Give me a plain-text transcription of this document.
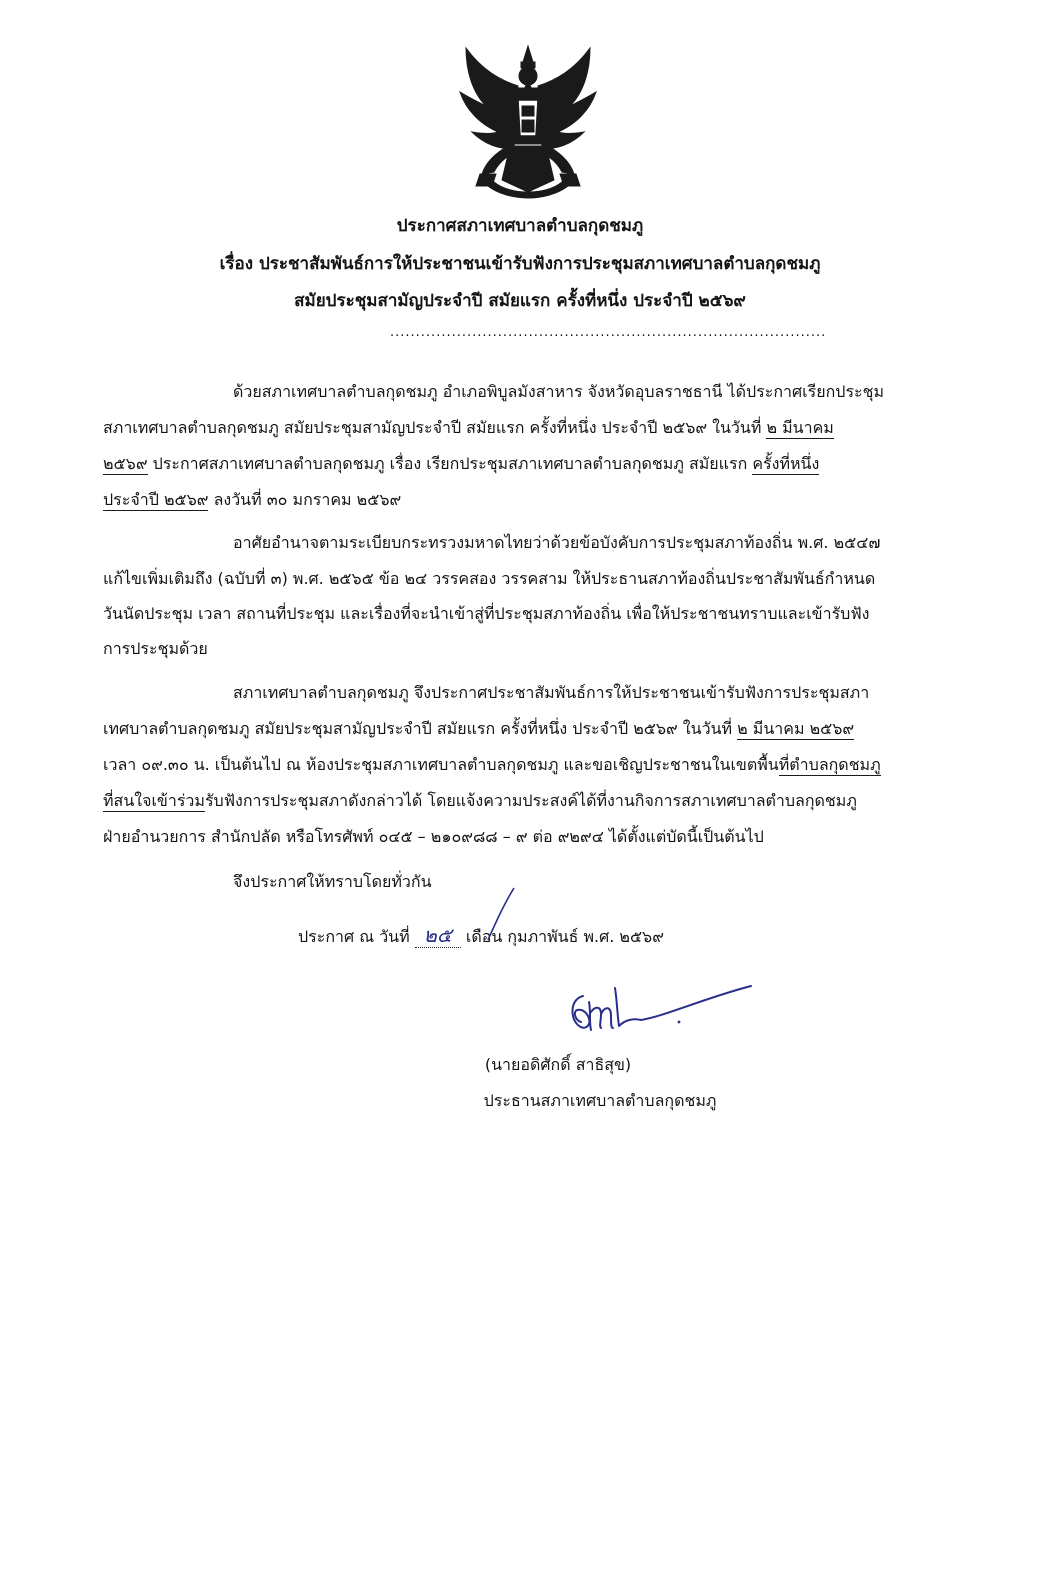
ประกาศสภาเทศบาลตำบลกุดชมภู
เรื่อง ประชาสัมพันธ์การให้ประชาชนเข้ารับฟังการประชุมสภาเทศบาลตำบลกุดชมภู
สมัยประชุมสามัญประจำปี สมัยแรก ครั้งที่หนึ่ง ประจำปี ๒๕๖๙
.....................................................................................
ด้วยสภาเทศบาลตำบลกุดชมภู อำเภอพิบูลมังสาหาร จังหวัดอุบลราชธานี ได้ประกาศเรียกประชุม
สภาเทศบาลตำบลกุดชมภู สมัยประชุมสามัญประจำปี สมัยแรก ครั้งที่หนึ่ง ประจำปี ๒๕๖๙ ในวันที่ ๒ มีนาคม
๒๕๖๙ ประกาศสภาเทศบาลตำบลกุดชมภู เรื่อง เรียกประชุมสภาเทศบาลตำบลกุดชมภู สมัยแรก ครั้งที่หนึ่ง
ประจำปี ๒๕๖๙ ลงวันที่ ๓๐ มกราคม ๒๕๖๙
อาศัยอำนาจตามระเบียบกระทรวงมหาดไทยว่าด้วยข้อบังคับการประชุมสภาท้องถิ่น พ.ศ. ๒๕๔๗
แก้ไขเพิ่มเติมถึง (ฉบับที่ ๓) พ.ศ. ๒๕๖๕ ข้อ ๒๔ วรรคสอง วรรคสาม ให้ประธานสภาท้องถิ่นประชาสัมพันธ์กำหนด
วันนัดประชุม เวลา สถานที่ประชุม และเรื่องที่จะนำเข้าสู่ที่ประชุมสภาท้องถิ่น เพื่อให้ประชาชนทราบและเข้ารับฟัง
การประชุมด้วย
สภาเทศบาลตำบลกุดชมภู จึงประกาศประชาสัมพันธ์การให้ประชาชนเข้ารับฟังการประชุมสภา
เทศบาลตำบลกุดชมภู สมัยประชุมสามัญประจำปี สมัยแรก ครั้งที่หนึ่ง ประจำปี ๒๕๖๙ ในวันที่ ๒ มีนาคม ๒๕๖๙
เวลา ๐๙.๓๐ น. เป็นต้นไป ณ ห้องประชุมสภาเทศบาลตำบลกุดชมภู และขอเชิญประชาชนในเขตพื้นที่ตำบลกุดชมภู
ที่สนใจเข้าร่วมรับฟังการประชุมสภาดังกล่าวได้ โดยแจ้งความประสงค์ได้ที่งานกิจการสภาเทศบาลตำบลกุดชมภู
ฝ่ายอำนวยการ สำนักปลัด หรือโทรศัพท์ ๐๔๕ – ๒๑๐๙๘๘ – ๙ ต่อ ๙๒๙๔ ได้ตั้งแต่บัดนี้เป็นต้นไป
จึงประกาศให้ทราบโดยทั่วกัน
ประกาศ ณ วันที่ ๒๕ เดือน กุมภาพันธ์ พ.ศ. ๒๕๖๙
(นายอดิศักดิ์ สาธิสุข)
ประธานสภาเทศบาลตำบลกุดชมภู
